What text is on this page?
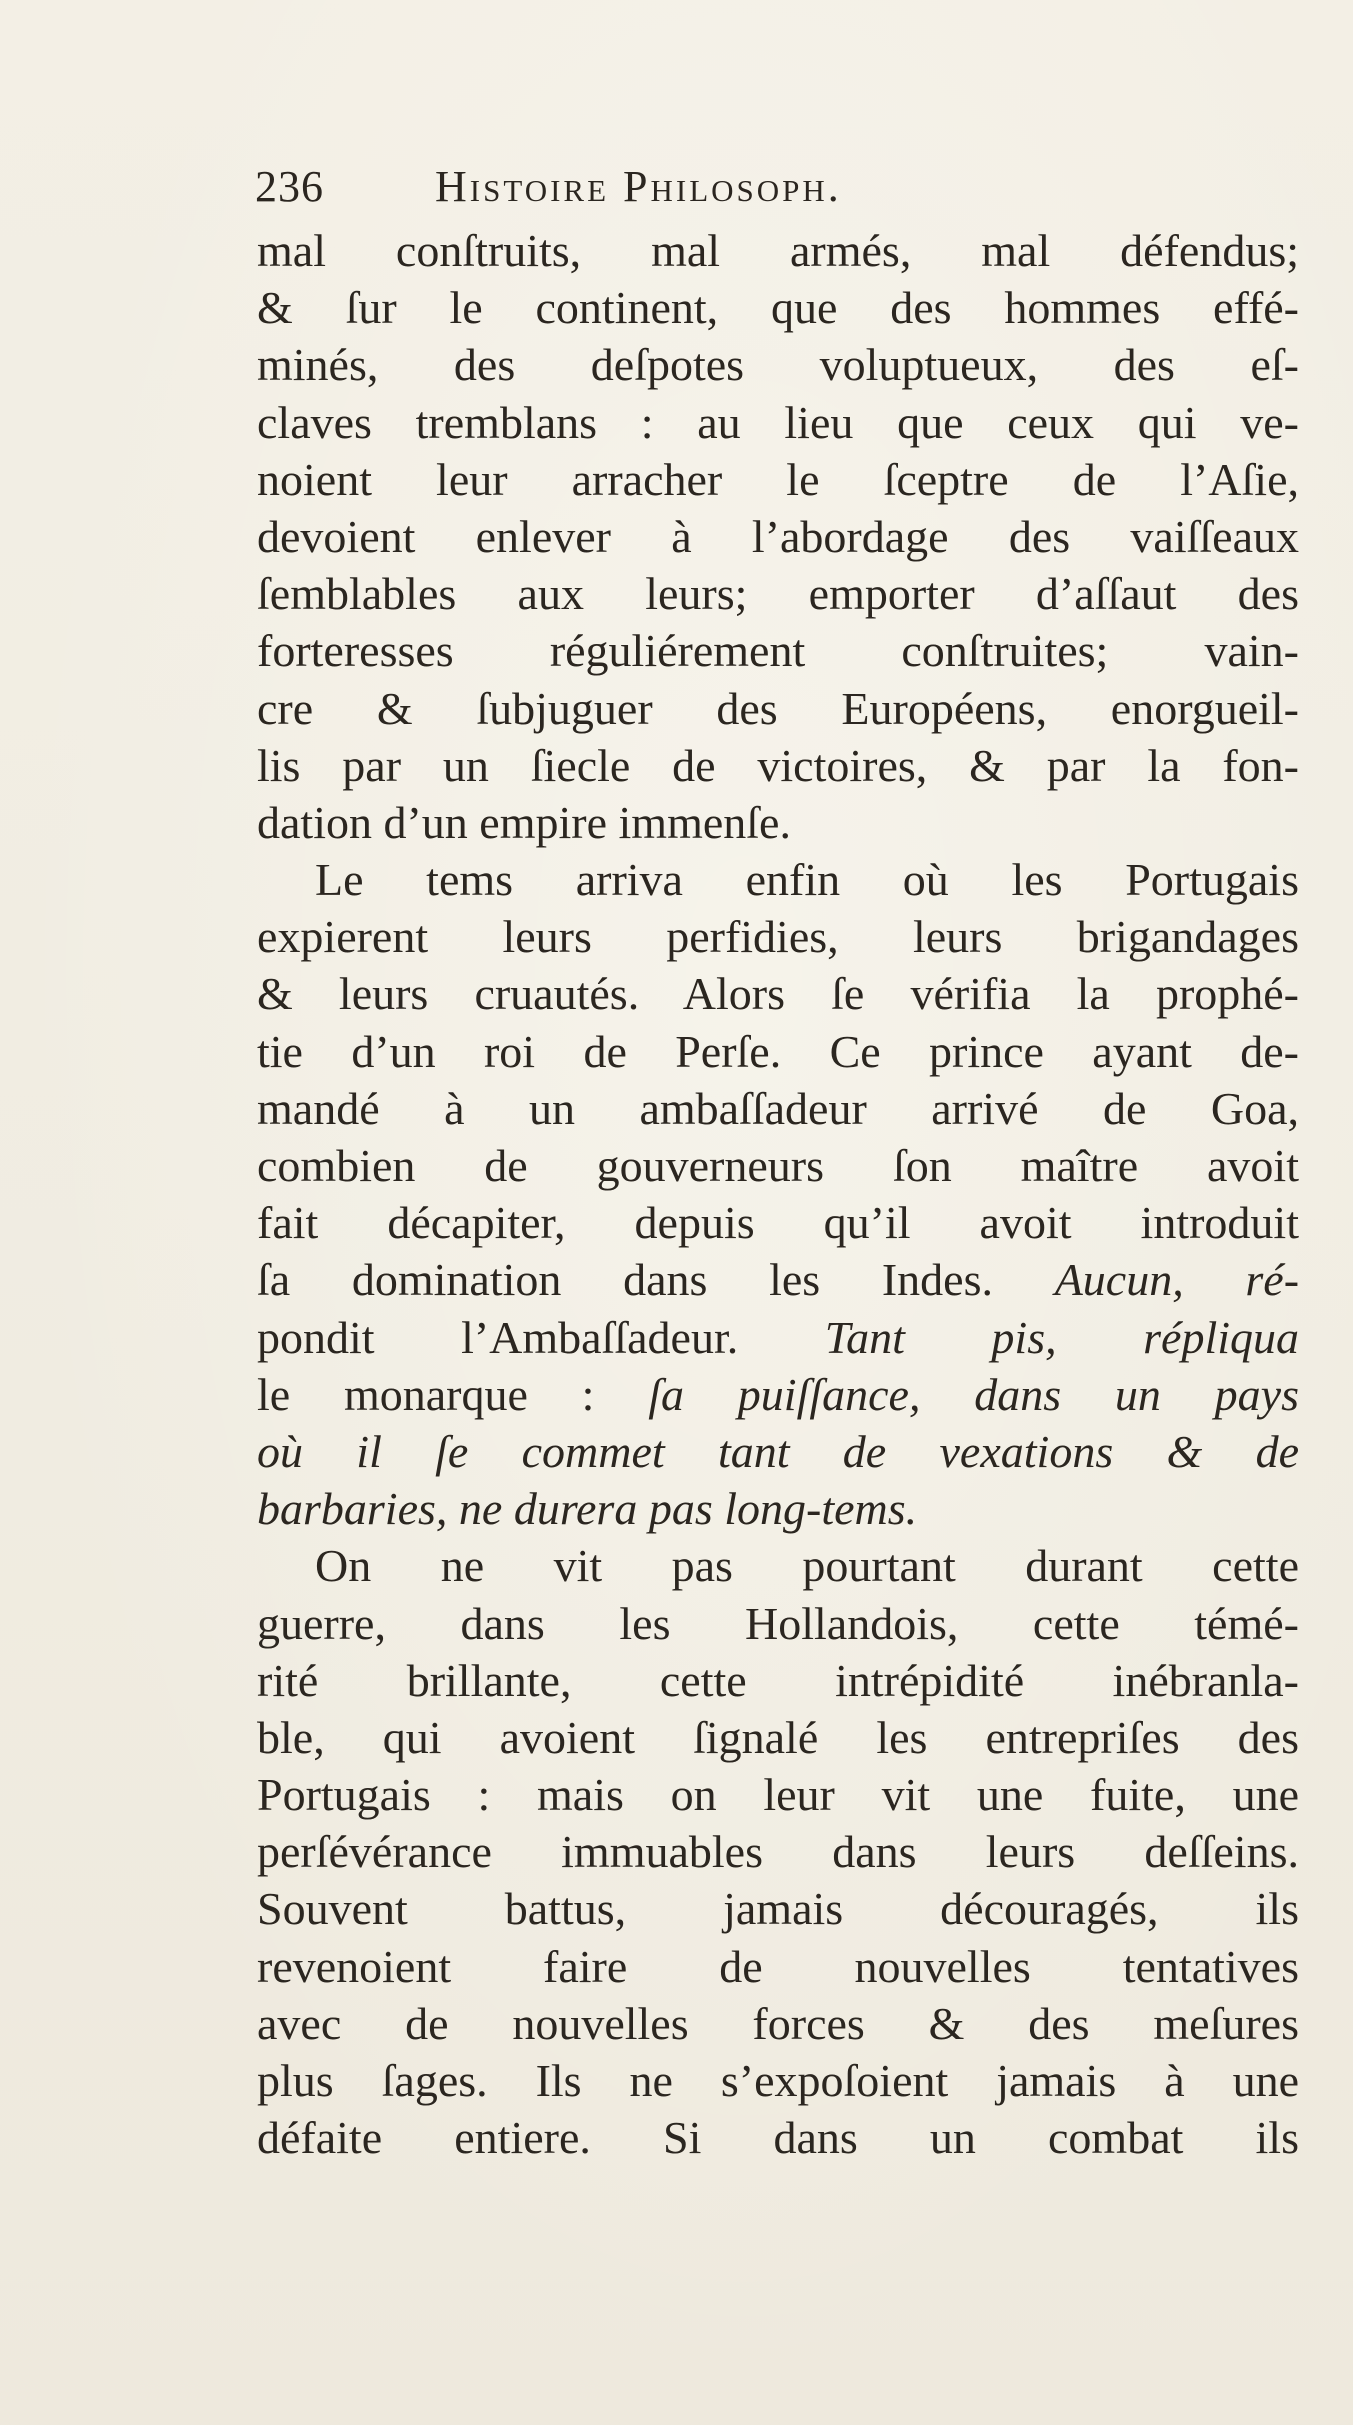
236	Histoire Philosoph.
mal conſtruits, mal armés, mal défendus;
& ſur le continent, que des hommes effé-
minés, des deſpotes voluptueux, des eſ-
claves tremblans : au lieu que ceux qui ve-
noient leur arracher le ſceptre de l’Aſie,
devoient enlever à l’abordage des vaiſſeaux
ſemblables aux leurs; emporter d’aſſaut des
forteresses réguliérement conſtruites; vain-
cre & ſubjuguer des Européens, enorgueil-
lis par un ſiecle de victoires, & par la fon-
dation d’un empire immenſe.
Le tems arriva enfin où les Portugais
expierent leurs perfidies, leurs brigandages
& leurs cruautés. Alors ſe vérifia la prophé-
tie d’un roi de Perſe. Ce prince ayant de-
mandé à un ambaſſadeur arrivé de Goa,
combien de gouverneurs ſon maître avoit
fait décapiter, depuis qu’il avoit introduit
ſa domination dans les Indes. Aucun, ré-
pondit l’Ambaſſadeur. Tant pis, répliqua
le monarque : ſa puiſſance, dans un pays
où il ſe commet tant de vexations & de
barbaries, ne durera pas long-tems.
On ne vit pas pourtant durant cette
guerre, dans les Hollandois, cette témé-
rité brillante, cette intrépidité inébranla-
ble, qui avoient ſignalé les entrepriſes des
Portugais : mais on leur vit une fuite, une
perſévérance immuables dans leurs deſſeins.
Souvent battus, jamais découragés, ils
revenoient faire de nouvelles tentatives
avec de nouvelles forces & des meſures
plus ſages. Ils ne s’expoſoient jamais à une
défaite entiere. Si dans un combat ils
